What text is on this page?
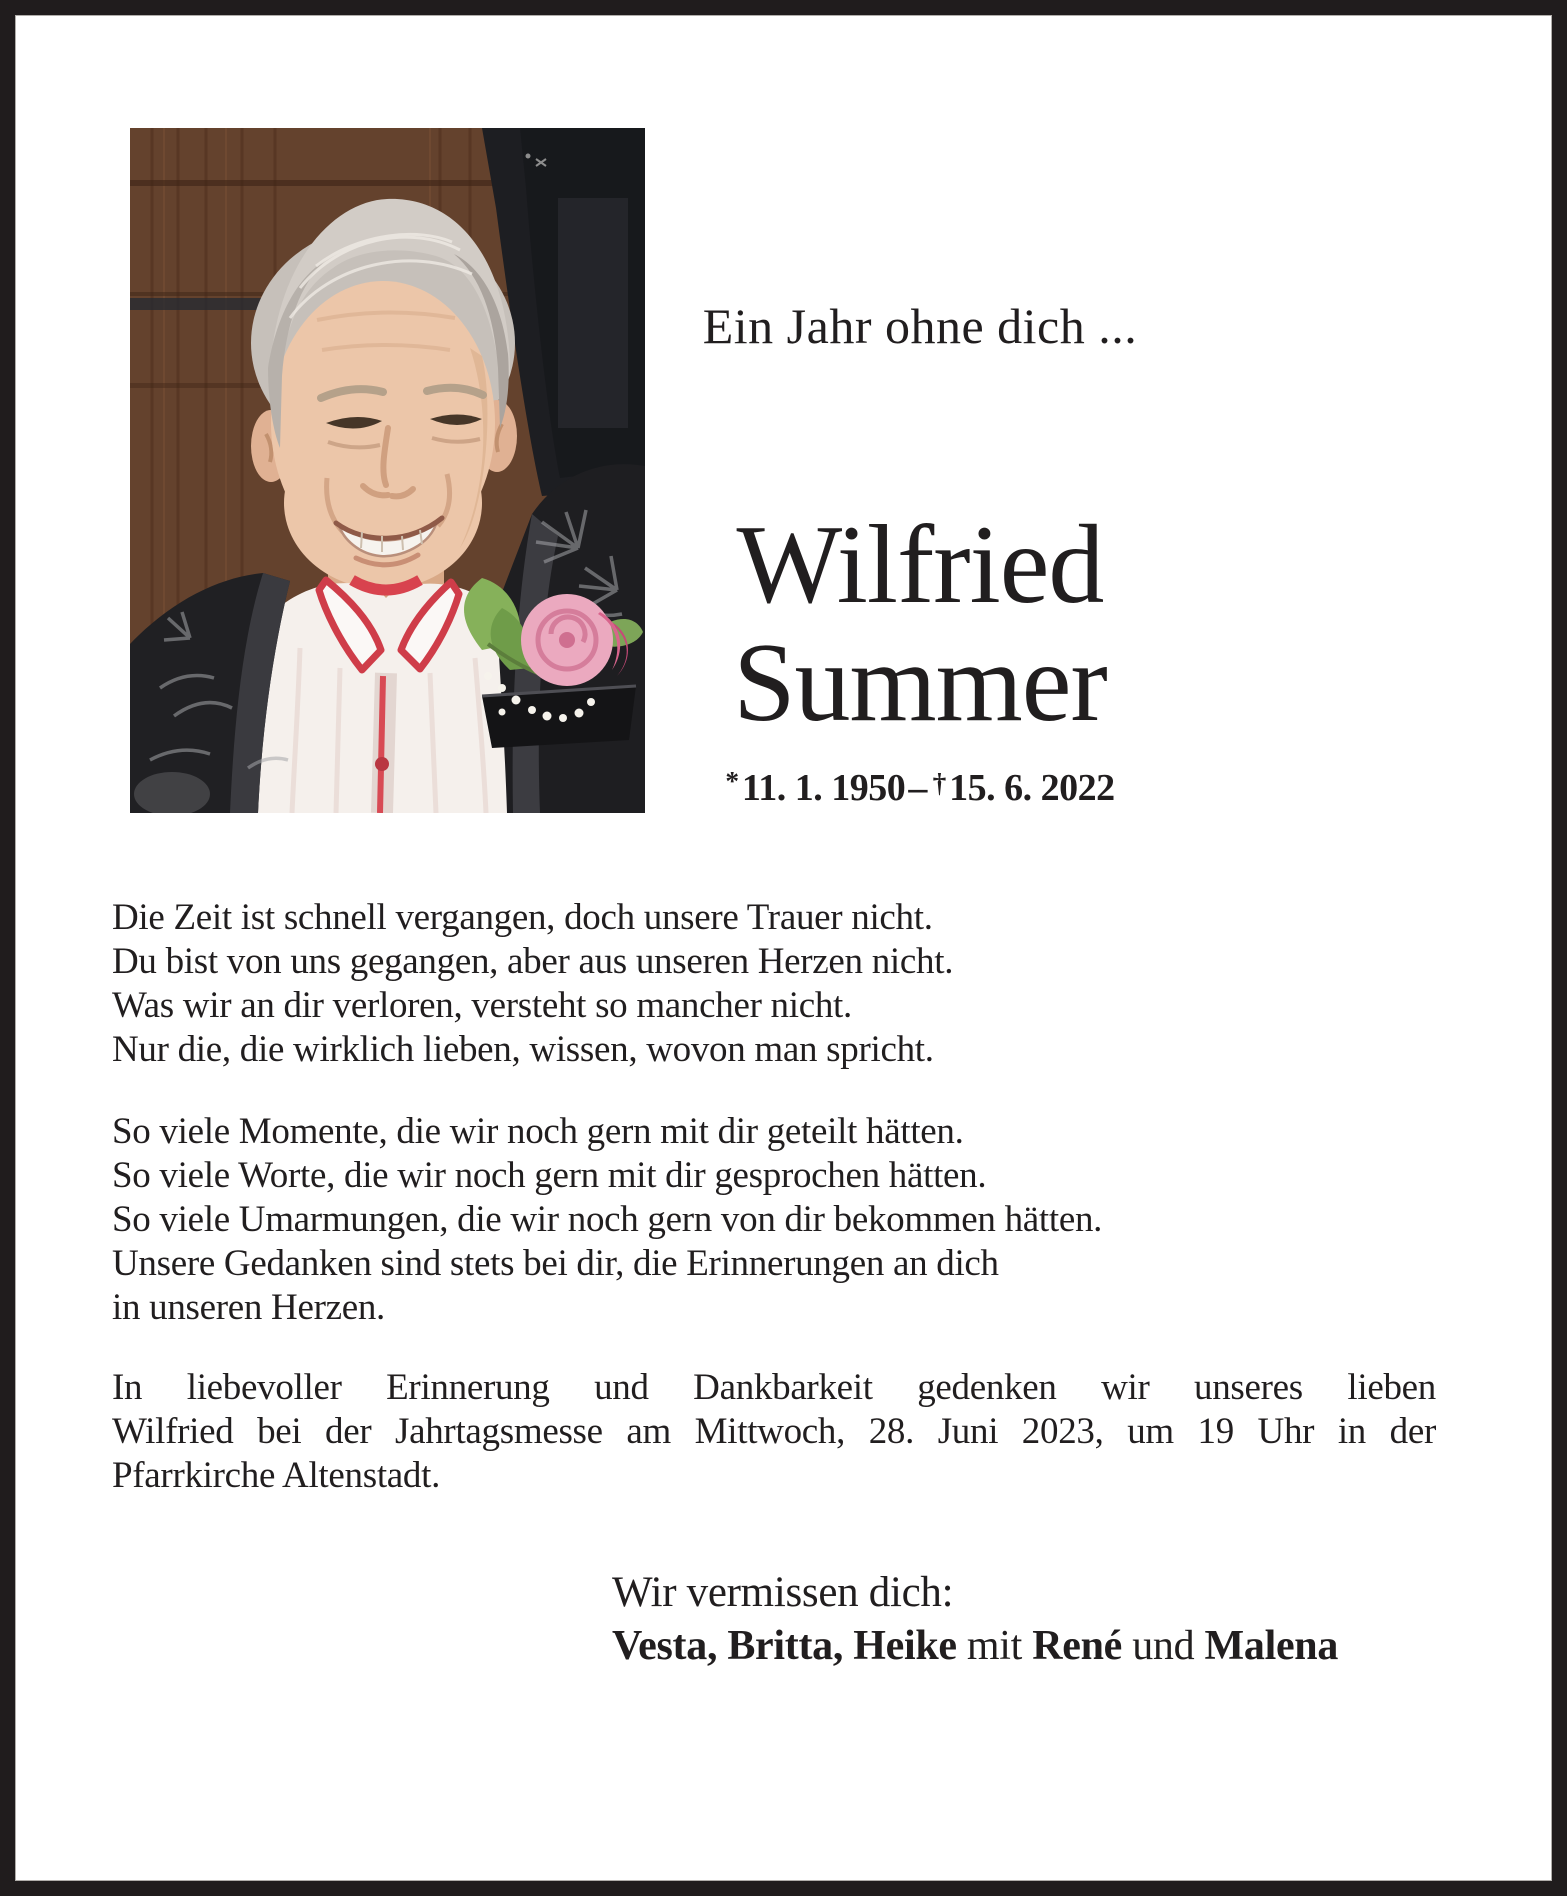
Ein Jahr ohne dich ...
Wilfried
Summer
*11. 1. 1950– †15. 6. 2022
Die Zeit ist schnell vergangen, doch unsere Trauer nicht.
Du bist von uns gegangen, aber aus unseren Herzen nicht.
Was wir an dir verloren, versteht so mancher nicht.
Nur die, die wirklich lieben, wissen, wovon man spricht.
So viele Momente, die wir noch gern mit dir geteilt hätten.
So viele Worte, die wir noch gern mit dir gesprochen hätten.
So viele Umarmungen, die wir noch gern von dir bekommen hätten.
Unsere Gedanken sind stets bei dir, die Erinnerungen an dich
in unseren Herzen.
In liebevoller Erinnerung und Dankbarkeit gedenken wir unseres lieben
Wilfried bei der Jahrtagsmesse am Mittwoch, 28. Juni 2023, um 19 Uhr in der
Pfarrkirche Altenstadt.
Wir vermissen dich:
Vesta, Britta, Heike mit René und Malena
